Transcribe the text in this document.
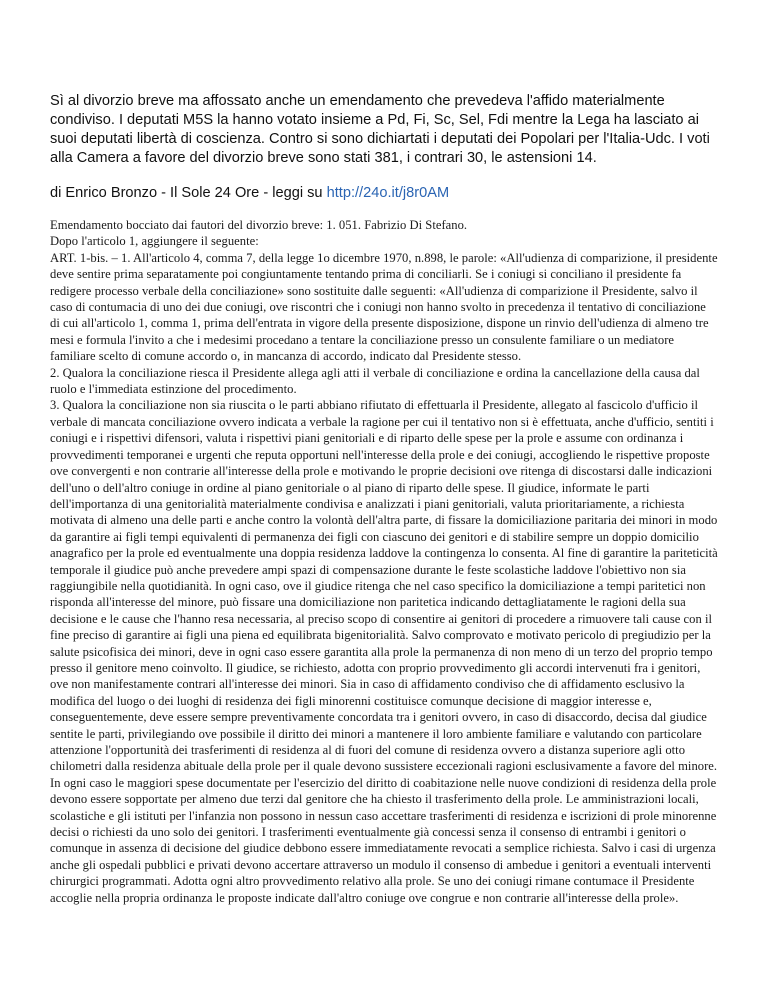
Sì al divorzio breve ma affossato anche un emendamento che prevedeva l'affido materialmente condiviso. I deputati M5S la hanno votato insieme a Pd, Fi, Sc, Sel, Fdi mentre la Lega ha lasciato ai suoi deputati libertà di coscienza. Contro si sono dichiartati i deputati dei Popolari per l'Italia-Udc. I voti alla Camera a favore del divorzio breve sono stati 381, i contrari 30, le astensioni 14.

di Enrico Bronzo - Il Sole 24 Ore - leggi su http://24o.it/j8r0AM

Emendamento bocciato dai fautori del divorzio breve: 1. 051. Fabrizio Di Stefano.

Dopo l'articolo 1, aggiungere il seguente:

ART. 1-bis. – 1. All'articolo 4, comma 7, della legge 1o dicembre 1970, n.898, le parole: «All'udienza di comparizione, il presidente deve sentire prima separatamente poi congiuntamente tentando prima di conciliarli. Se i coniugi si conciliano il presidente fa redigere processo verbale della conciliazione» sono sostituite dalle seguenti: «All'udienza di comparizione il Presidente, salvo il caso di contumacia di uno dei due coniugi, ove riscontri che i coniugi non hanno svolto in precedenza il tentativo di conciliazione di cui all'articolo 1, comma 1, prima dell'entrata in vigore della presente disposizione, dispone un rinvio dell'udienza di almeno tre mesi e formula l'invito a che i medesimi procedano a tentare la conciliazione presso un consulente familiare o un mediatore familiare scelto di comune accordo o, in mancanza di accordo, indicato dal Presidente stesso.

2. Qualora la conciliazione riesca il Presidente allega agli atti il verbale di conciliazione e ordina la cancellazione della causa dal ruolo e l'immediata estinzione del procedimento.

3. Qualora la conciliazione non sia riuscita o le parti abbiano rifiutato di effettuarla il Presidente, allegato al fascicolo d'ufficio il verbale di mancata conciliazione ovvero indicata a verbale la ragione per cui il tentativo non si è effettuata, anche d'ufficio, sentiti i coniugi e i rispettivi difensori, valuta i rispettivi piani genitoriali e di riparto delle spese per la prole e assume con ordinanza i provvedimenti temporanei e urgenti che reputa opportuni nell'interesse della prole e dei coniugi, accogliendo le rispettive proposte ove convergenti e non contrarie all'interesse della prole e motivando le proprie decisioni ove ritenga di discostarsi dalle indicazioni dell'uno o dell'altro coniuge in ordine al piano genitoriale o al piano di riparto delle spese. Il giudice, informate le parti dell'importanza di una genitorialità materialmente condivisa e analizzati i piani genitoriali, valuta prioritariamente, a richiesta motivata di almeno una delle parti e anche contro la volontà dell'altra parte, di fissare la domiciliazione paritaria dei minori in modo da garantire ai figli tempi equivalenti di permanenza dei figli con ciascuno dei genitori e di stabilire sempre un doppio domicilio anagrafico per la prole ed eventualmente una doppia residenza laddove la contingenza lo consenta. Al fine di garantire la pariteticità temporale il giudice può anche prevedere ampi spazi di compensazione durante le feste scolastiche laddove l'obiettivo non sia raggiungibile nella quotidianità. In ogni caso, ove il giudice ritenga che nel caso specifico la domiciliazione a tempi paritetici non risponda all'interesse del minore, può fissare una domiciliazione non paritetica indicando dettagliatamente le ragioni della sua decisione e le cause che l'hanno resa necessaria, al preciso scopo di consentire ai genitori di procedere a rimuovere tali cause con il fine preciso di garantire ai figli una piena ed equilibrata bigenitorialità. Salvo comprovato e motivato pericolo di pregiudizio per la salute psicofisica dei minori, deve in ogni caso essere garantita alla prole la permanenza di non meno di un terzo del proprio tempo presso il genitore meno coinvolto. Il giudice, se richiesto, adotta con proprio provvedimento gli accordi intervenuti fra i genitori, ove non manifestamente contrari all'interesse dei minori. Sia in caso di affidamento condiviso che di affidamento esclusivo la modifica del luogo o dei luoghi di residenza dei figli minorenni costituisce comunque decisione di maggior interesse e, conseguentemente, deve essere sempre preventivamente concordata tra i genitori ovvero, in caso di disaccordo, decisa dal giudice sentite le parti, privilegiando ove possibile il diritto dei minori a mantenere il loro ambiente familiare e valutando con particolare attenzione l'opportunità dei trasferimenti di residenza al di fuori del comune di residenza ovvero a distanza superiore agli otto chilometri dalla residenza abituale della prole per il quale devono sussistere eccezionali ragioni esclusivamente a favore del minore. In ogni caso le maggiori spese documentate per l'esercizio del diritto di coabitazione nelle nuove condizioni di residenza della prole devono essere sopportate per almeno due terzi dal genitore che ha chiesto il trasferimento della prole. Le amministrazioni locali, scolastiche e gli istituti per l'infanzia non possono in nessun caso accettare trasferimenti di residenza e iscrizioni di prole minorenne decisi o richiesti da uno solo dei genitori. I trasferimenti eventualmente già concessi senza il consenso di entrambi i genitori o comunque in assenza di decisione del giudice debbono essere immediatamente revocati a semplice richiesta. Salvo i casi di urgenza anche gli ospedali pubblici e privati devono accertare attraverso un modulo il consenso di ambedue i genitori a eventuali interventi chirurgici programmati. Adotta ogni altro provvedimento relativo alla prole. Se uno dei coniugi rimane contumace il Presidente accoglie nella propria ordinanza le proposte indicate dall'altro coniuge ove congrue e non contrarie all'interesse della prole».
